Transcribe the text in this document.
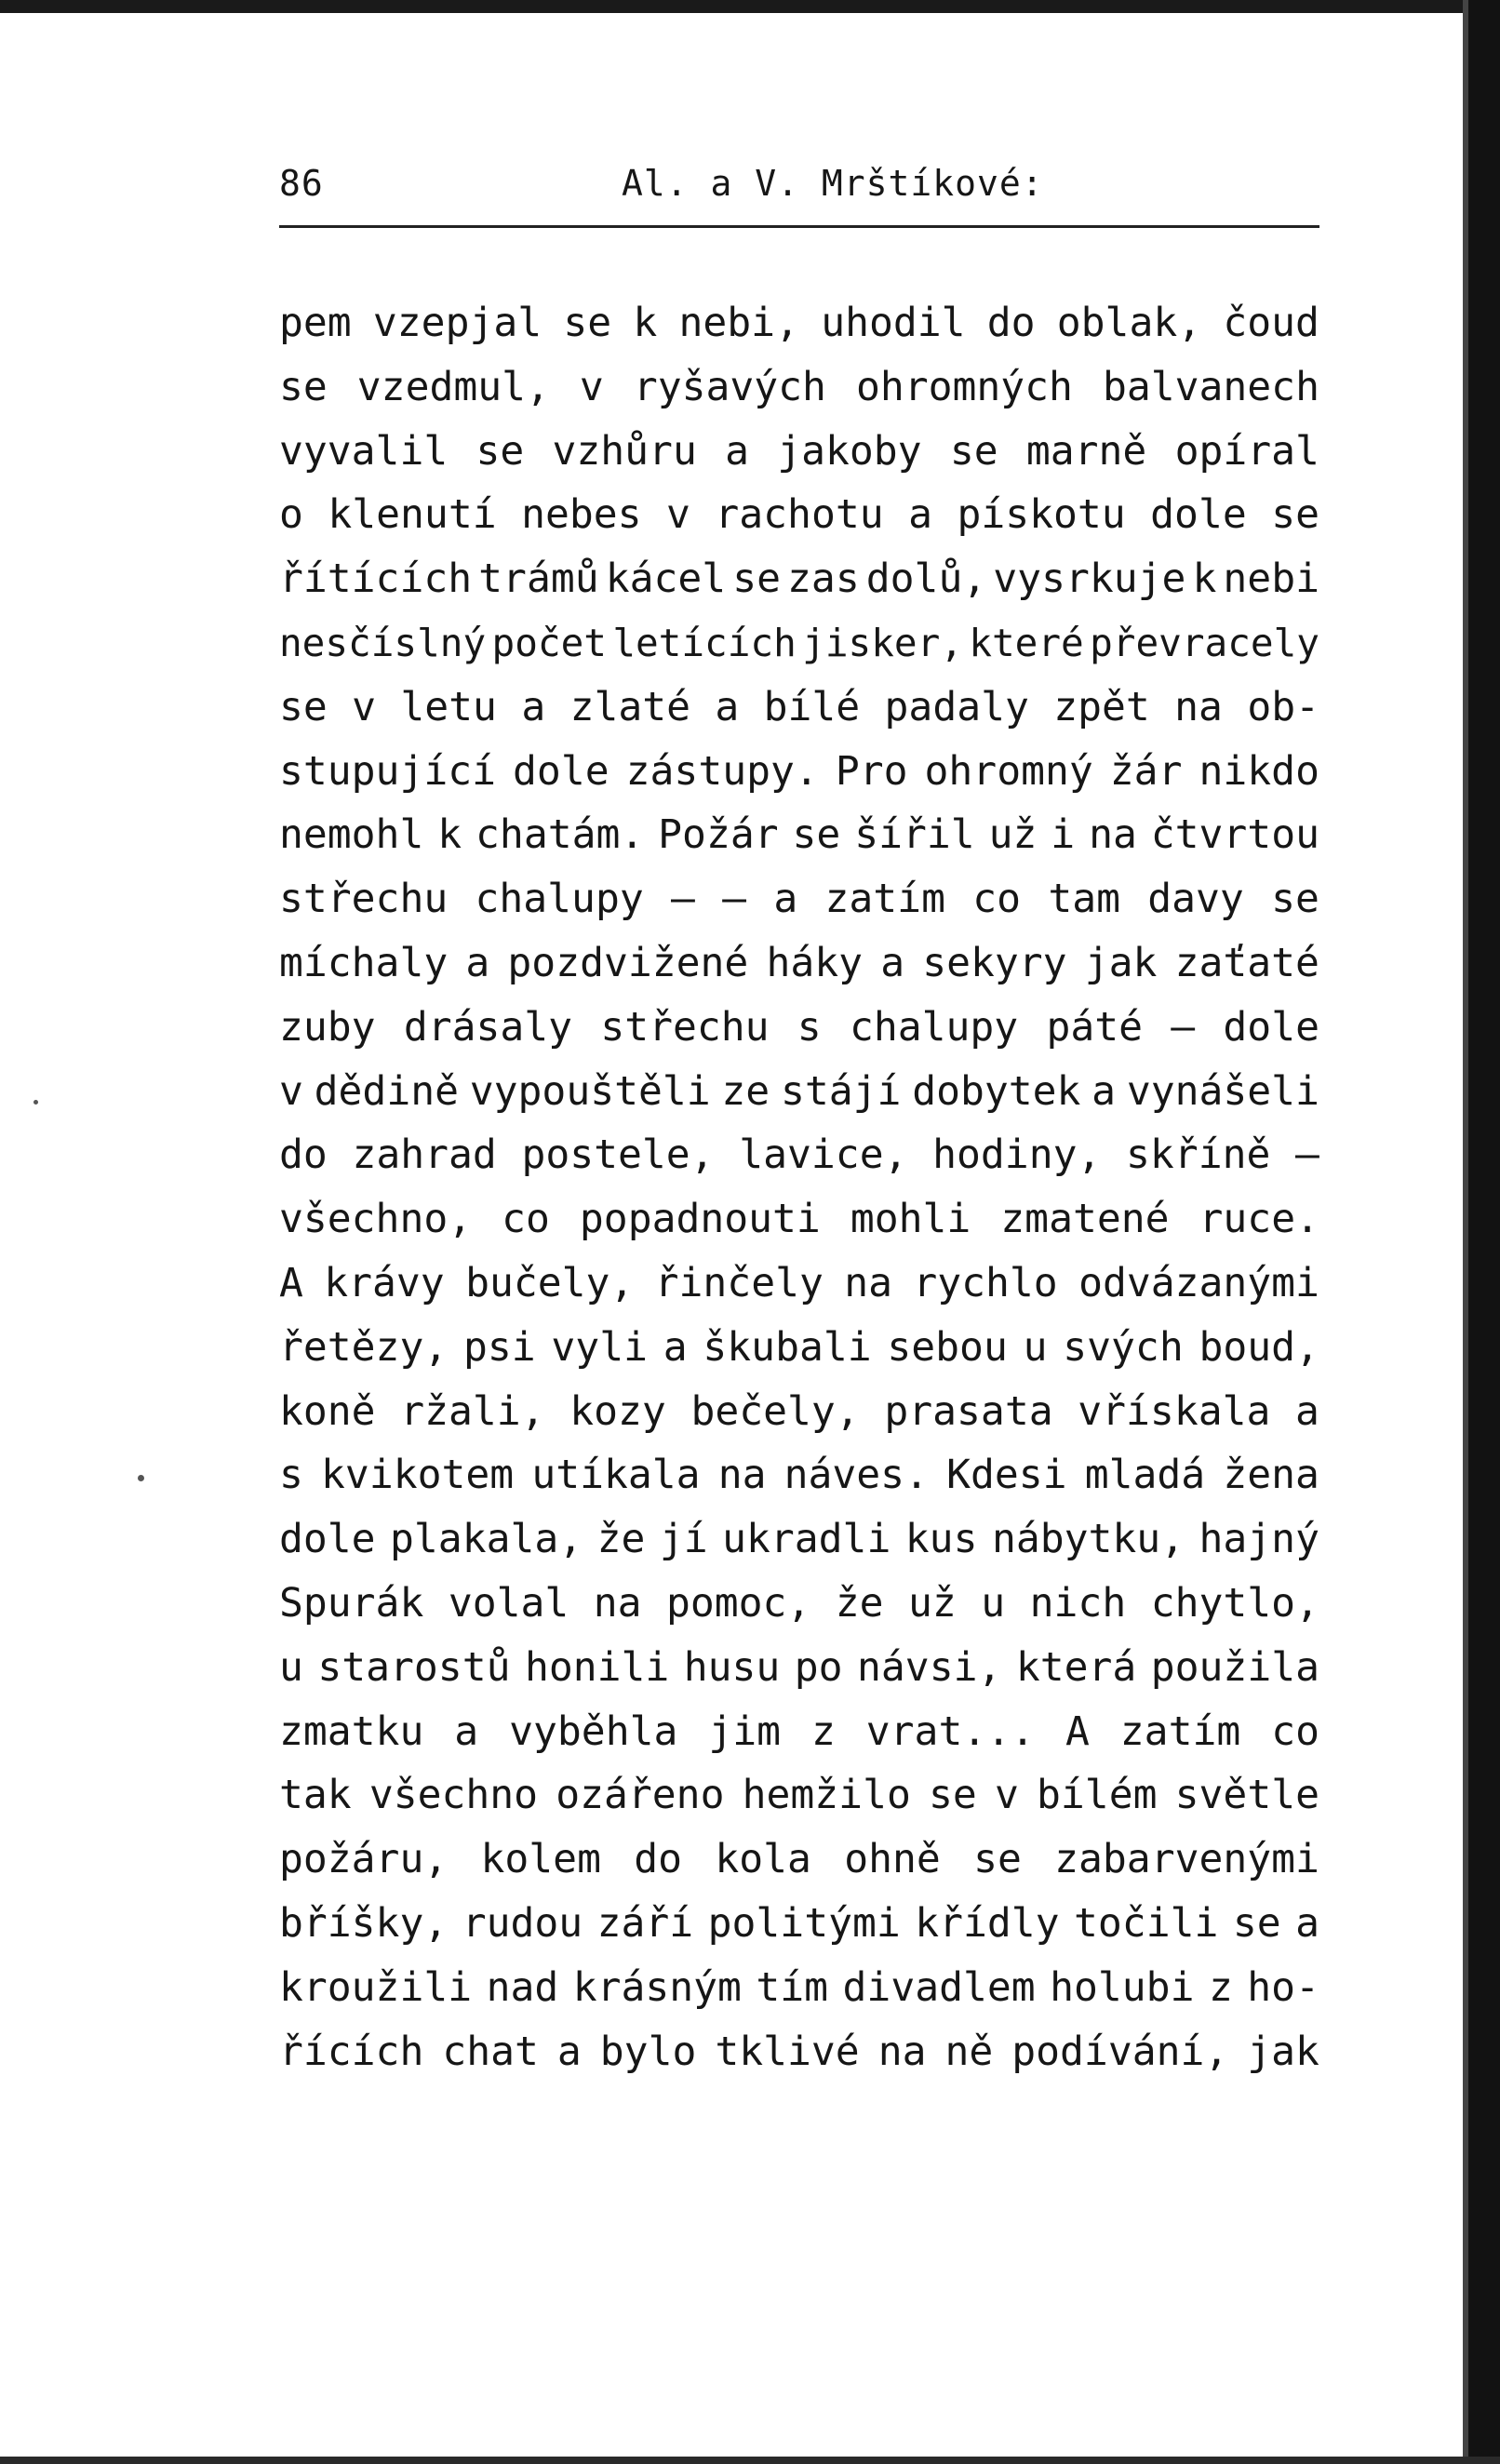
86	Al. a V. Mrštíkové:
pem vzepjal se k nebi, uhodil do oblak, čoud
se vzedmul, v ryšavých ohromných balvanech
vyvalil se vzhůru a jakoby se marně opíral
o klenutí nebes v rachotu a pískotu dole se
řítících trámů kácel se zas dolů, vysrkuje k nebi
nesčíslný počet letících jisker, které převracely
se v letu a zlaté a bílé padaly zpět na ob-
stupující dole zástupy. Pro ohromný žár nikdo
nemohl k chatám. Požár se šířil už i na čtvrtou
střechu chalupy — — a zatím co tam davy se
míchaly a pozdvižené háky a sekyry jak zaťaté
zuby drásaly střechu s chalupy páté — dole
v dědině vypouštěli ze stájí dobytek a vynášeli
do zahrad postele, lavice, hodiny, skříně —
všechno, co popadnouti mohli zmatené ruce.
A krávy bučely, řinčely na rychlo odvázanými
řetězy, psi vyli a škubali sebou u svých boud,
koně ržali, kozy bečely, prasata vřískala a
s kvikotem utíkala na náves. Kdesi mladá žena
dole plakala, že jí ukradli kus nábytku, hajný
Spurák volal na pomoc, že už u nich chytlo,
u starostů honili husu po návsi, která použila
zmatku a vyběhla jim z vrat... A zatím co
tak všechno ozářeno hemžilo se v bílém světle
požáru, kolem do kola ohně se zabarvenými
bříšky, rudou září politými křídly točili se a
kroužili nad krásným tím divadlem holubi z ho-
řících chat a bylo tklivé na ně podívání, jak
